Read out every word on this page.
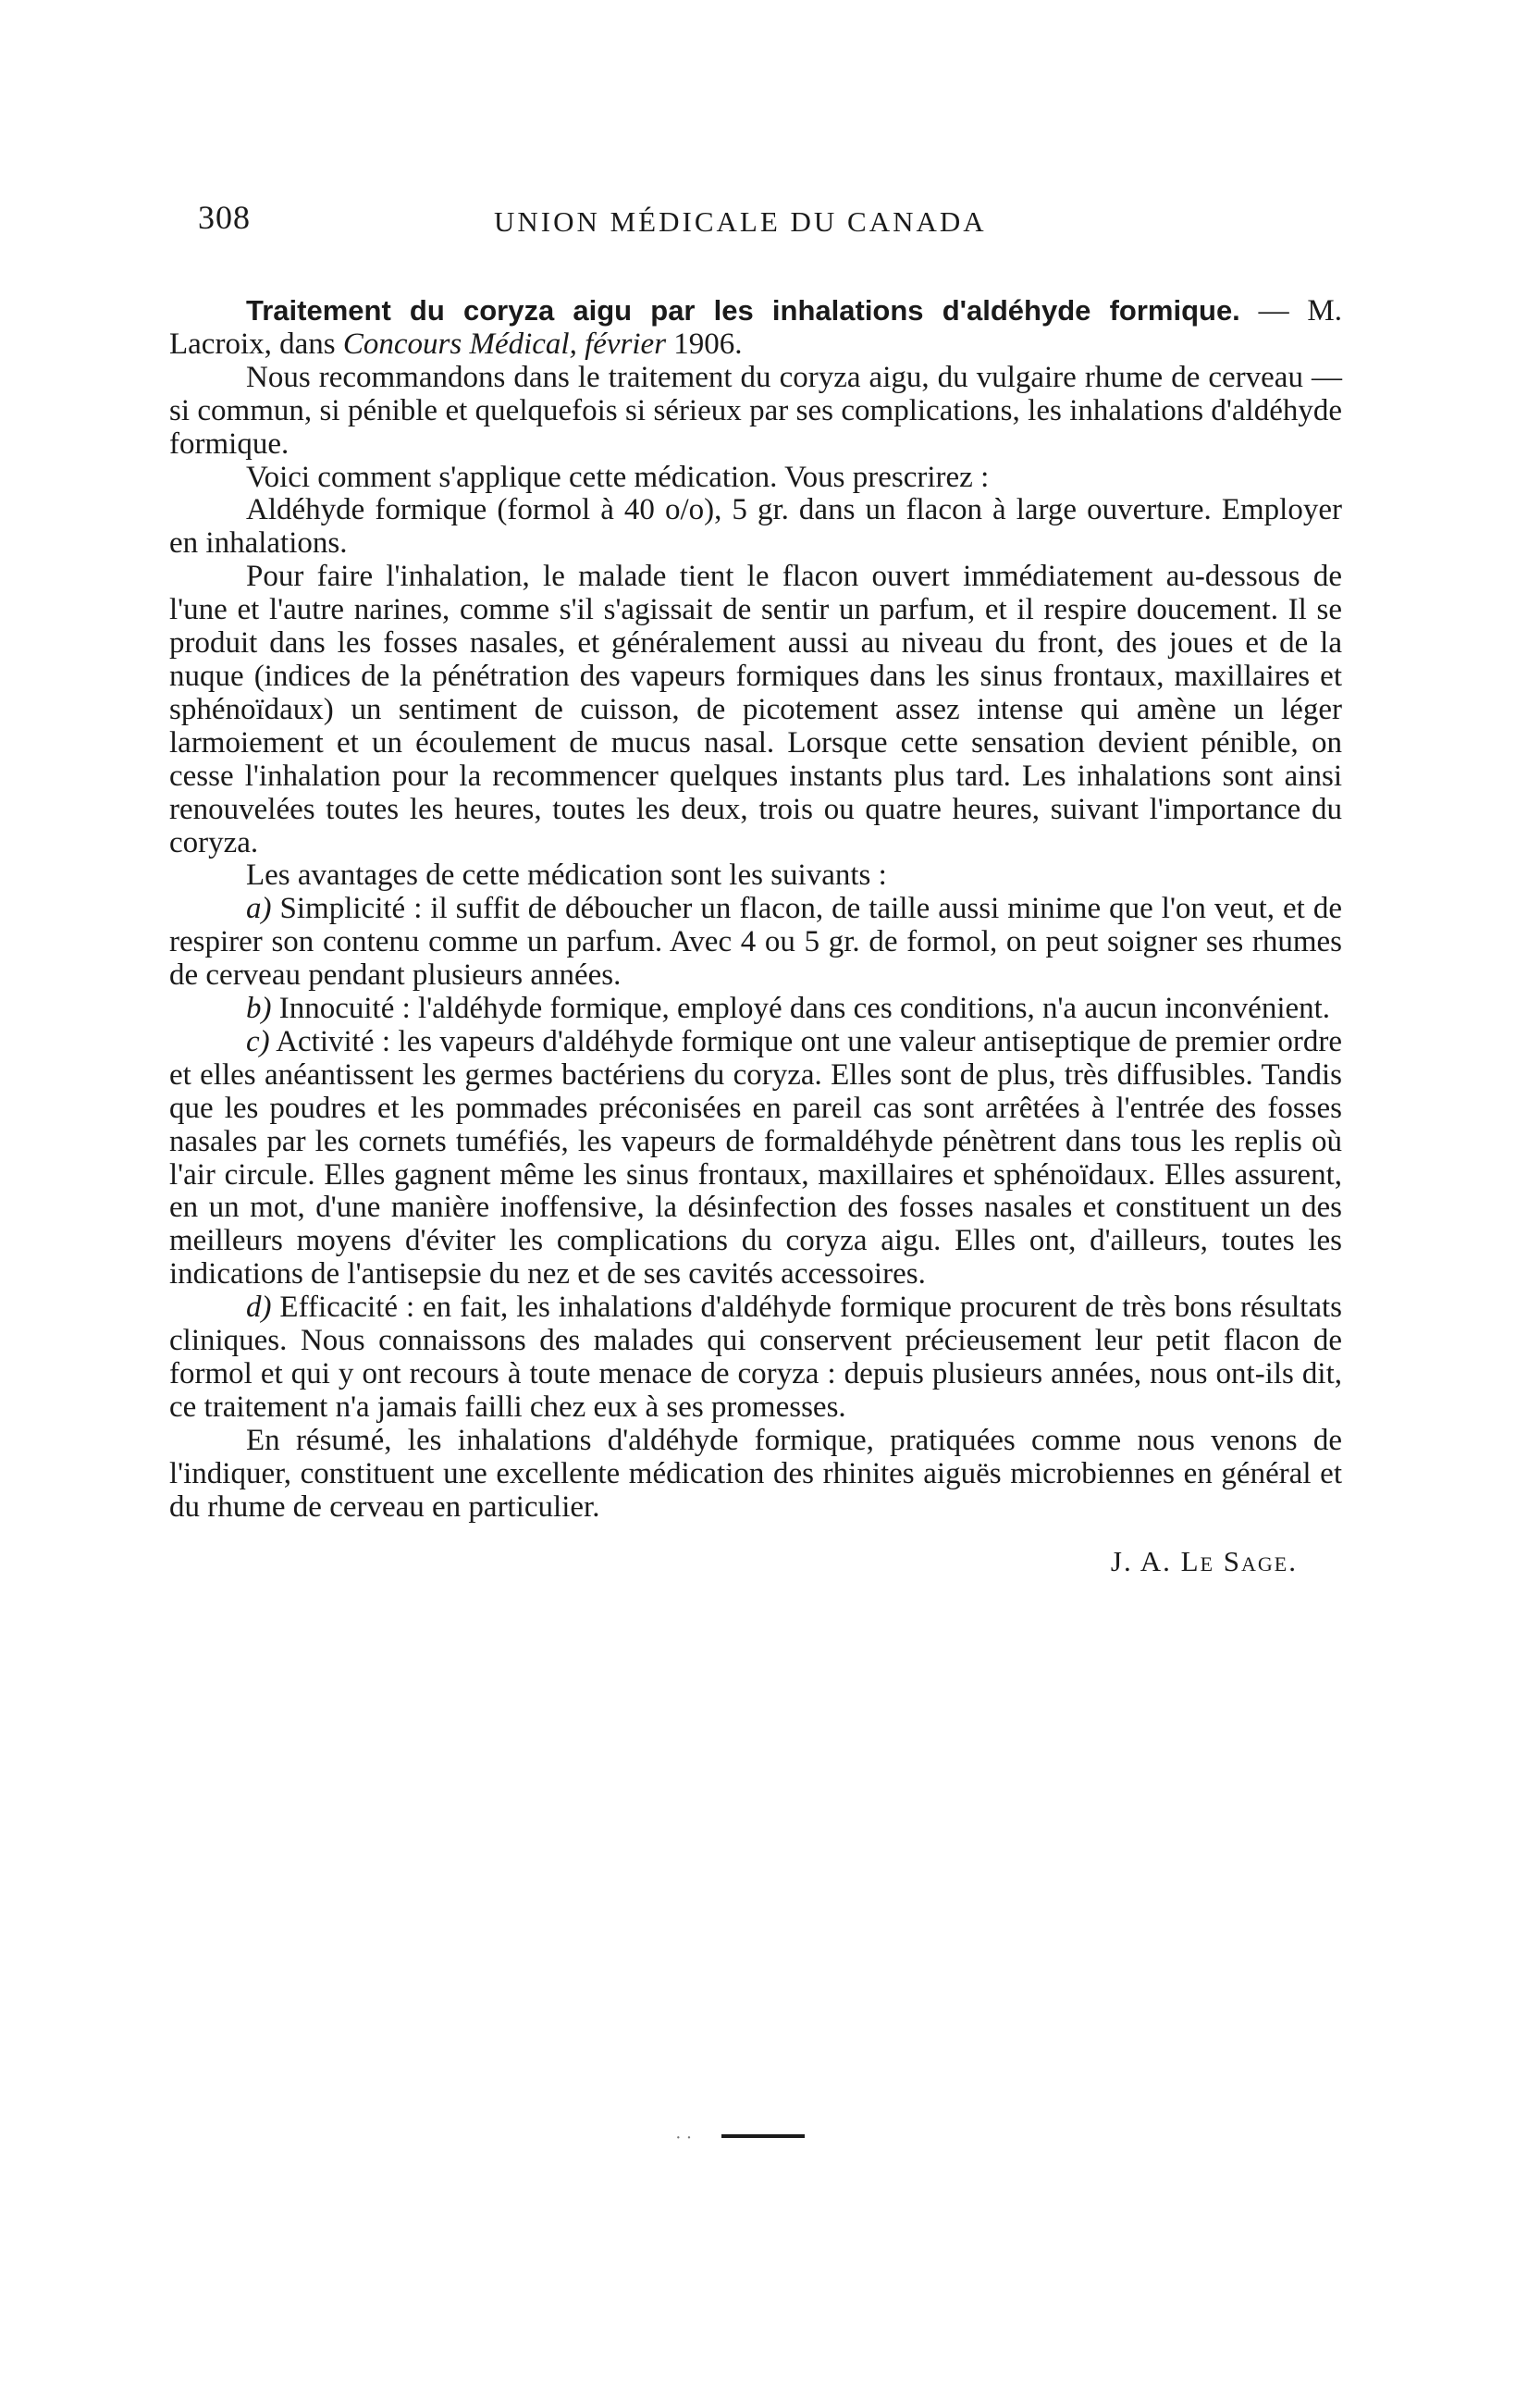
308	UNION MÉDICALE DU CANADA

Traitement du coryza aigu par les inhalations d'aldéhyde formique. — M. Lacroix, dans Concours Médical, février 1906.

Nous recommandons dans le traitement du coryza aigu, du vulgaire rhume de cerveau — si commun, si pénible et quelquefois si sérieux par ses complications, les inhalations d'aldéhyde formique.

Voici comment s'applique cette médication. Vous prescrirez :

Aldéhyde formique (formol à 40 o/o), 5 gr. dans un flacon à large ouverture. Employer en inhalations.

Pour faire l'inhalation, le malade tient le flacon ouvert immédiatement au-dessous de l'une et l'autre narines, comme s'il s'agissait de sentir un parfum, et il respire doucement. Il se produit dans les fosses nasales, et généralement aussi au niveau du front, des joues et de la nuque (indices de la pénétration des vapeurs formiques dans les sinus frontaux, maxillaires et sphénoïdaux) un sentiment de cuisson, de picotement assez intense qui amène un léger larmoiement et un écoulement de mucus nasal. Lorsque cette sensation devient pénible, on cesse l'inhalation pour la recommencer quelques instants plus tard. Les inhalations sont ainsi renouvelées toutes les heures, toutes les deux, trois ou quatre heures, suivant l'importance du coryza.

Les avantages de cette médication sont les suivants :

a) Simplicité : il suffit de déboucher un flacon, de taille aussi minime que l'on veut, et de respirer son contenu comme un parfum. Avec 4 ou 5 gr. de formol, on peut soigner ses rhumes de cerveau pendant plusieurs années.

b) Innocuité : l'aldéhyde formique, employé dans ces conditions, n'a aucun inconvénient.

c) Activité : les vapeurs d'aldéhyde formique ont une valeur antiseptique de premier ordre et elles anéantissent les germes bactériens du coryza. Elles sont de plus, très diffusibles. Tandis que les poudres et les pommades préconisées en pareil cas sont arrêtées à l'entrée des fosses nasales par les cornets tuméfiés, les vapeurs de formaldéhyde pénètrent dans tous les replis où l'air circule. Elles gagnent même les sinus frontaux, maxillaires et sphénoïdaux. Elles assurent, en un mot, d'une manière inoffensive, la désinfection des fosses nasales et constituent un des meilleurs moyens d'éviter les complications du coryza aigu. Elles ont, d'ailleurs, toutes les indications de l'antisepsie du nez et de ses cavités accessoires.

d) Efficacité : en fait, les inhalations d'aldéhyde formique procurent de très bons résultats cliniques. Nous connaissons des malades qui conservent précieusement leur petit flacon de formol et qui y ont recours à toute menace de coryza : depuis plusieurs années, nous ont-ils dit, ce traitement n'a jamais failli chez eux à ses promesses.

En résumé, les inhalations d'aldéhyde formique, pratiquées comme nous venons de l'indiquer, constituent une excellente médication des rhinites aiguës microbiennes en général et du rhume de cerveau en particulier.

J. A. Le Sage.
· ·
